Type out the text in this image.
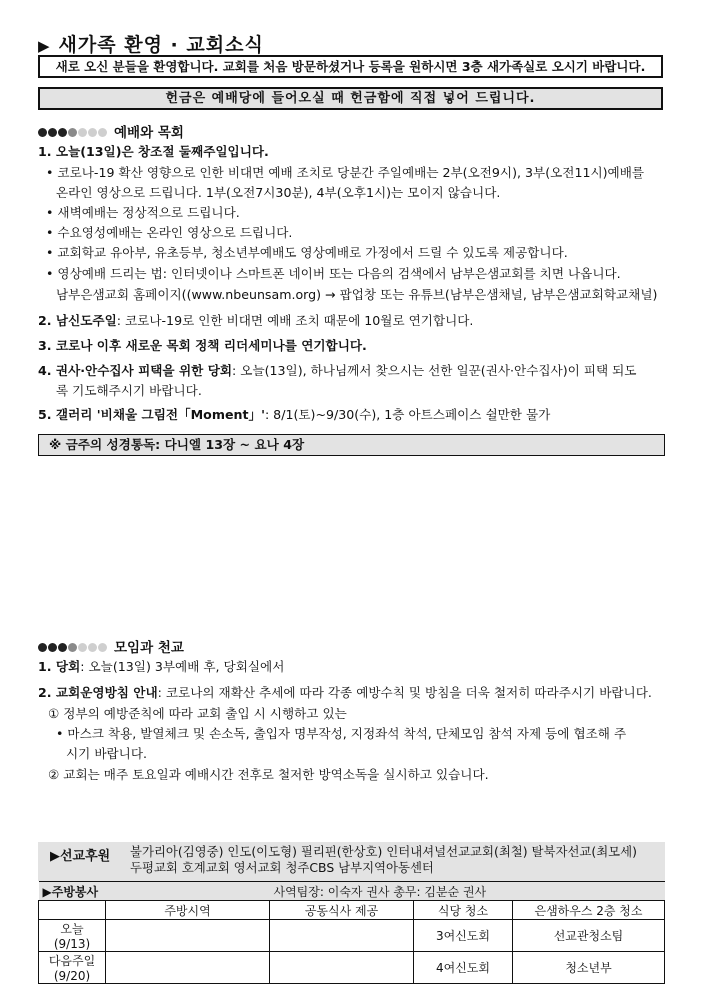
▶ 새가족 환영 · 교회소식
새로 오신 분들을 환영합니다. 교회를 처음 방문하셨거나 등록을 원하시면 3층 새가족실로 오시기 바랍니다.
헌금은 예배당에 들어오실 때 헌금함에 직접 넣어 드립니다.
예배와 목회
1. 오늘(13일)은 창조절 둘째주일입니다.
• 코로나-19 확산 영향으로 인한 비대면 예배 조치로 당분간 주일예배는 2부(오전9시), 3부(오전11시)예배를
온라인 영상으로 드립니다. 1부(오전7시30분), 4부(오후1시)는 모이지 않습니다.
• 새벽예배는 정상적으로 드립니다.
• 수요영성예배는 온라인 영상으로 드립니다.
• 교회학교 유아부, 유초등부, 청소년부예배도 영상예배로 가정에서 드릴 수 있도록 제공합니다.
• 영상예배 드리는 법: 인터넷이나 스마트폰 네이버 또는 다음의 검색에서 남부은샘교회를 치면 나옵니다.
남부은샘교회 홈페이지((www.nbeunsam.org) → 팝업창 또는 유튜브(남부은샘채널, 남부은샘교회학교채널)
2. 남신도주일: 코로나-19로 인한 비대면 예배 조치 때문에 10월로 연기합니다.
3. 코로나 이후 새로운 목회 정책 리더세미나를 연기합니다.
4. 권사·안수집사 피택을 위한 당회: 오늘(13일), 하나님께서 찾으시는 선한 일꾼(권사·안수집사)이 피택 되도
록 기도해주시기 바랍니다.
5. 갤러리 '비채울 그림전「Moment」': 8/1(토)~9/30(수), 1층 아트스페이스 쉴만한 물가
※ 금주의 성경통독: 다니엘 13장 ~ 요나 4장
모임과 천교
1. 당회: 오늘(13일) 3부예배 후, 당회실에서
2. 교회운영방침 안내: 코로나의 재확산 추세에 따라 각종 예방수칙 및 방침을 더욱 철저히 따라주시기 바랍니다.
① 정부의 예방준칙에 따라 교회 출입 시 시행하고 있는
• 마스크 착용, 발열체크 및 손소독, 출입자 명부작성, 지정좌석 착석, 단체모임 참석 자제 등에 협조해 주
시기 바랍니다.
② 교회는 매주 토요일과 예배시간 전후로 철저한 방역소독을 실시하고 있습니다.
▶선교후원 불가리아(김영중) 인도(이도형) 필리핀(한상호) 인터내셔널선교교회(최철) 탈북자선교(최모세)
두평교회 호계교회 영서교회 청주CBS 남부지역아동센터
▶주방봉사		사역팀장: 이숙자 권사 총무: 김분순 권사		
	주방시역	공동식사 제공	식당 청소	은샘하우스 2층 청소
오늘(9/13)			3여신도회	선교관청소팀
다음주일(9/20)			4여신도회	청소년부
